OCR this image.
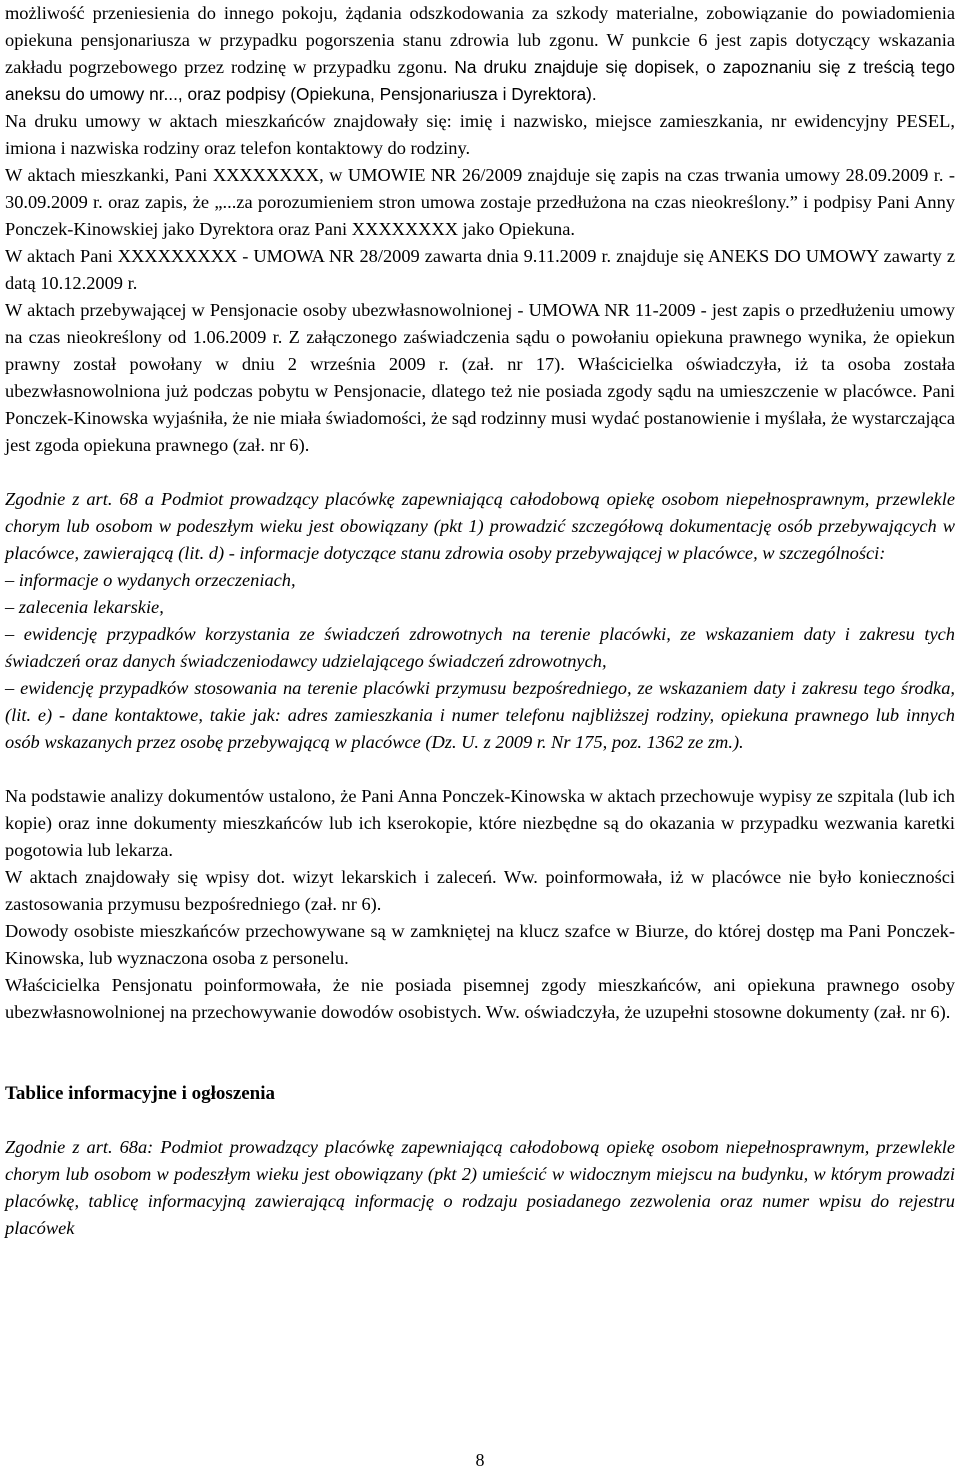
możliwość przeniesienia do innego pokoju, żądania odszkodowania za szkody materialne, zobowiązanie do powiadomienia opiekuna pensjonariusza w przypadku pogorszenia stanu zdrowia lub zgonu. W punkcie 6 jest zapis dotyczący wskazania zakładu pogrzebowego przez rodzinę w przypadku zgonu. Na druku znajduje się dopisek, o zapoznaniu się z treścią tego aneksu do umowy nr..., oraz podpisy (Opiekuna, Pensjonariusza i Dyrektora).

Na druku umowy w aktach mieszkańców znajdowały się: imię i nazwisko, miejsce zamieszkania, nr ewidencyjny PESEL, imiona i nazwiska rodziny oraz telefon kontaktowy do rodziny.

W aktach mieszkanki, Pani XXXXXXXX, w UMOWIE NR 26/2009 znajduje się zapis na czas trwania umowy 28.09.2009 r. - 30.09.2009 r. oraz zapis, że „...za porozumieniem stron umowa zostaje przedłużona na czas nieokreślony.” i podpisy Pani Anny Ponczek-Kinowskiej jako Dyrektora oraz Pani XXXXXXXX jako Opiekuna.

W aktach Pani XXXXXXXXX - UMOWA NR 28/2009 zawarta dnia 9.11.2009 r. znajduje się ANEKS DO UMOWY zawarty z datą 10.12.2009 r.

W aktach przebywającej w Pensjonacie osoby ubezwłasnowolnionej - UMOWA NR 11-2009 - jest zapis o przedłużeniu umowy na czas nieokreślony od 1.06.2009 r. Z załączonego zaświadczenia sądu o powołaniu opiekuna prawnego wynika, że opiekun prawny został powołany w dniu 2 września 2009 r. (zał. nr 17). Właścicielka oświadczyła, iż ta osoba została ubezwłasnowolniona już podczas pobytu w Pensjonacie, dlatego też nie posiada zgody sądu na umieszczenie w placówce. Pani Ponczek-Kinowska wyjaśniła, że nie miała świadomości, że sąd rodzinny musi wydać postanowienie i myślała, że wystarczająca jest zgoda opiekuna prawnego (zał. nr 6).

Zgodnie z art. 68 a Podmiot prowadzący placówkę zapewniającą całodobową opiekę osobom niepełnosprawnym, przewlekle chorym lub osobom w podeszłym wieku jest obowiązany (pkt 1) prowadzić szczegółową dokumentację osób przebywających w placówce, zawierającą (lit. d) - informacje dotyczące stanu zdrowia osoby przebywającej w placówce, w szczególności:

– informacje o wydanych orzeczeniach,

– zalecenia lekarskie,

– ewidencję przypadków korzystania ze świadczeń zdrowotnych na terenie placówki, ze wskazaniem daty i zakresu tych świadczeń oraz danych świadczeniodawcy udzielającego świadczeń zdrowotnych,

– ewidencję przypadków stosowania na terenie placówki przymusu bezpośredniego, ze wskazaniem daty i zakresu tego środka, (lit. e) - dane kontaktowe, takie jak: adres zamieszkania i numer telefonu najbliższej rodziny, opiekuna prawnego lub innych osób wskazanych przez osobę przebywającą w placówce (Dz. U. z 2009 r. Nr 175, poz. 1362 ze zm.).

Na podstawie analizy dokumentów ustalono, że Pani Anna Ponczek-Kinowska w aktach przechowuje wypisy ze szpitala (lub ich kopie) oraz inne dokumenty mieszkańców lub ich kserokopie, które niezbędne są do okazania w przypadku wezwania karetki pogotowia lub lekarza.

W aktach znajdowały się wpisy dot. wizyt lekarskich i zaleceń. Ww. poinformowała, iż w placówce nie było konieczności zastosowania przymusu bezpośredniego (zał. nr 6).

Dowody osobiste mieszkańców przechowywane są w zamkniętej na klucz szafce w Biurze, do której dostęp ma Pani Ponczek-Kinowska, lub wyznaczona osoba z personelu.

Właścicielka Pensjonatu poinformowała, że nie posiada pisemnej zgody mieszkańców, ani opiekuna prawnego osoby ubezwłasnowolnionej na przechowywanie dowodów osobistych. Ww. oświadczyła, że uzupełni stosowne dokumenty (zał. nr 6).

Tablice informacyjne i ogłoszenia

Zgodnie z art. 68a: Podmiot prowadzący placówkę zapewniającą całodobową opiekę osobom niepełnosprawnym, przewlekle chorym lub osobom w podeszłym wieku jest obowiązany (pkt 2) umieścić w widocznym miejscu na budynku, w którym prowadzi placówkę, tablicę informacyjną zawierającą informację o rodzaju posiadanego zezwolenia oraz numer wpisu do rejestru placówek

8
